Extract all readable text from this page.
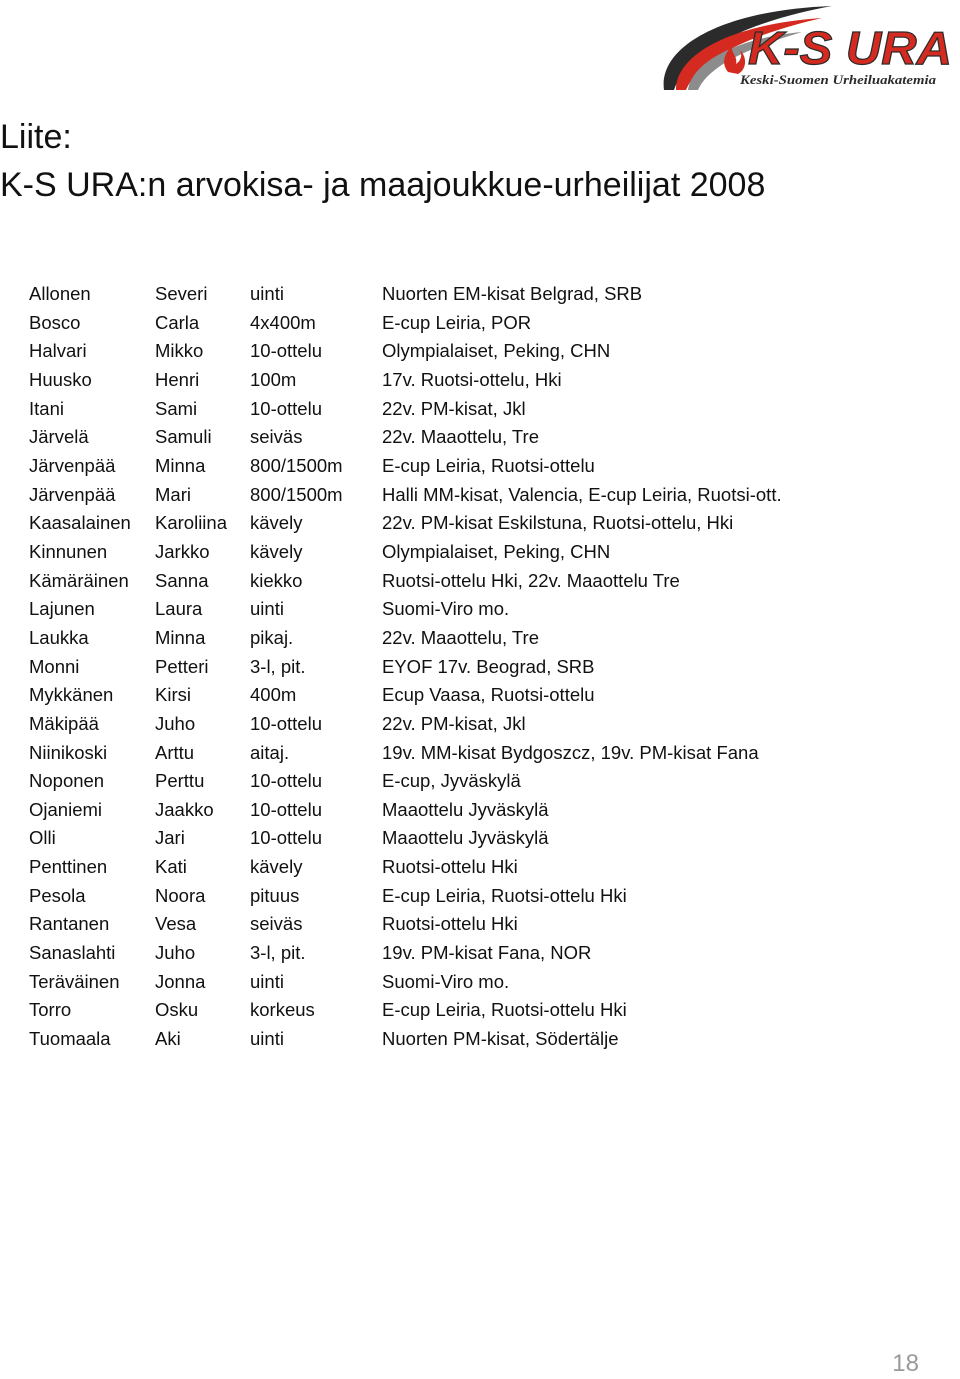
K-S URA
Keski-Suomen Urheiluakatemia
Liite:
K-S URA:n arvokisa- ja maajoukkue-urheilijat 2008
Allonen	Severi	uinti	Nuorten EM-kisat Belgrad, SRB
Bosco	Carla	4x400m	E-cup Leiria, POR
Halvari	Mikko	10-ottelu	Olympialaiset, Peking, CHN
Huusko	Henri	100m	17v. Ruotsi-ottelu, Hki
Itani	Sami	10-ottelu	22v. PM-kisat, Jkl
Järvelä	Samuli	seiväs	22v. Maaottelu, Tre
Järvenpää	Minna	800/1500m	E-cup Leiria, Ruotsi-ottelu
Järvenpää	Mari	800/1500m	Halli MM-kisat, Valencia, E-cup Leiria, Ruotsi-ott.
Kaasalainen	Karoliina	kävely	22v. PM-kisat Eskilstuna, Ruotsi-ottelu, Hki
Kinnunen	Jarkko	kävely	Olympialaiset, Peking, CHN
Kämäräinen	Sanna	kiekko	Ruotsi-ottelu Hki, 22v. Maaottelu Tre
Lajunen	Laura	uinti	Suomi-Viro mo.
Laukka	Minna	pikaj.	22v. Maaottelu, Tre
Monni	Petteri	3-l, pit.	EYOF 17v. Beograd, SRB
Mykkänen	Kirsi	400m	Ecup Vaasa, Ruotsi-ottelu
Mäkipää	Juho	10-ottelu	22v. PM-kisat, Jkl
Niinikoski	Arttu	aitaj.	19v. MM-kisat Bydgoszcz, 19v. PM-kisat Fana
Noponen	Perttu	10-ottelu	E-cup, Jyväskylä
Ojaniemi	Jaakko	10-ottelu	Maaottelu Jyväskylä
Olli	Jari	10-ottelu	Maaottelu Jyväskylä
Penttinen	Kati	kävely	Ruotsi-ottelu Hki
Pesola	Noora	pituus	E-cup Leiria, Ruotsi-ottelu Hki
Rantanen	Vesa	seiväs	Ruotsi-ottelu Hki
Sanaslahti	Juho	3-l, pit.	19v. PM-kisat Fana, NOR
Teräväinen	Jonna	uinti	Suomi-Viro mo.
Torro	Osku	korkeus	E-cup Leiria, Ruotsi-ottelu Hki
Tuomaala	Aki	uinti	Nuorten PM-kisat, Södertälje
18
